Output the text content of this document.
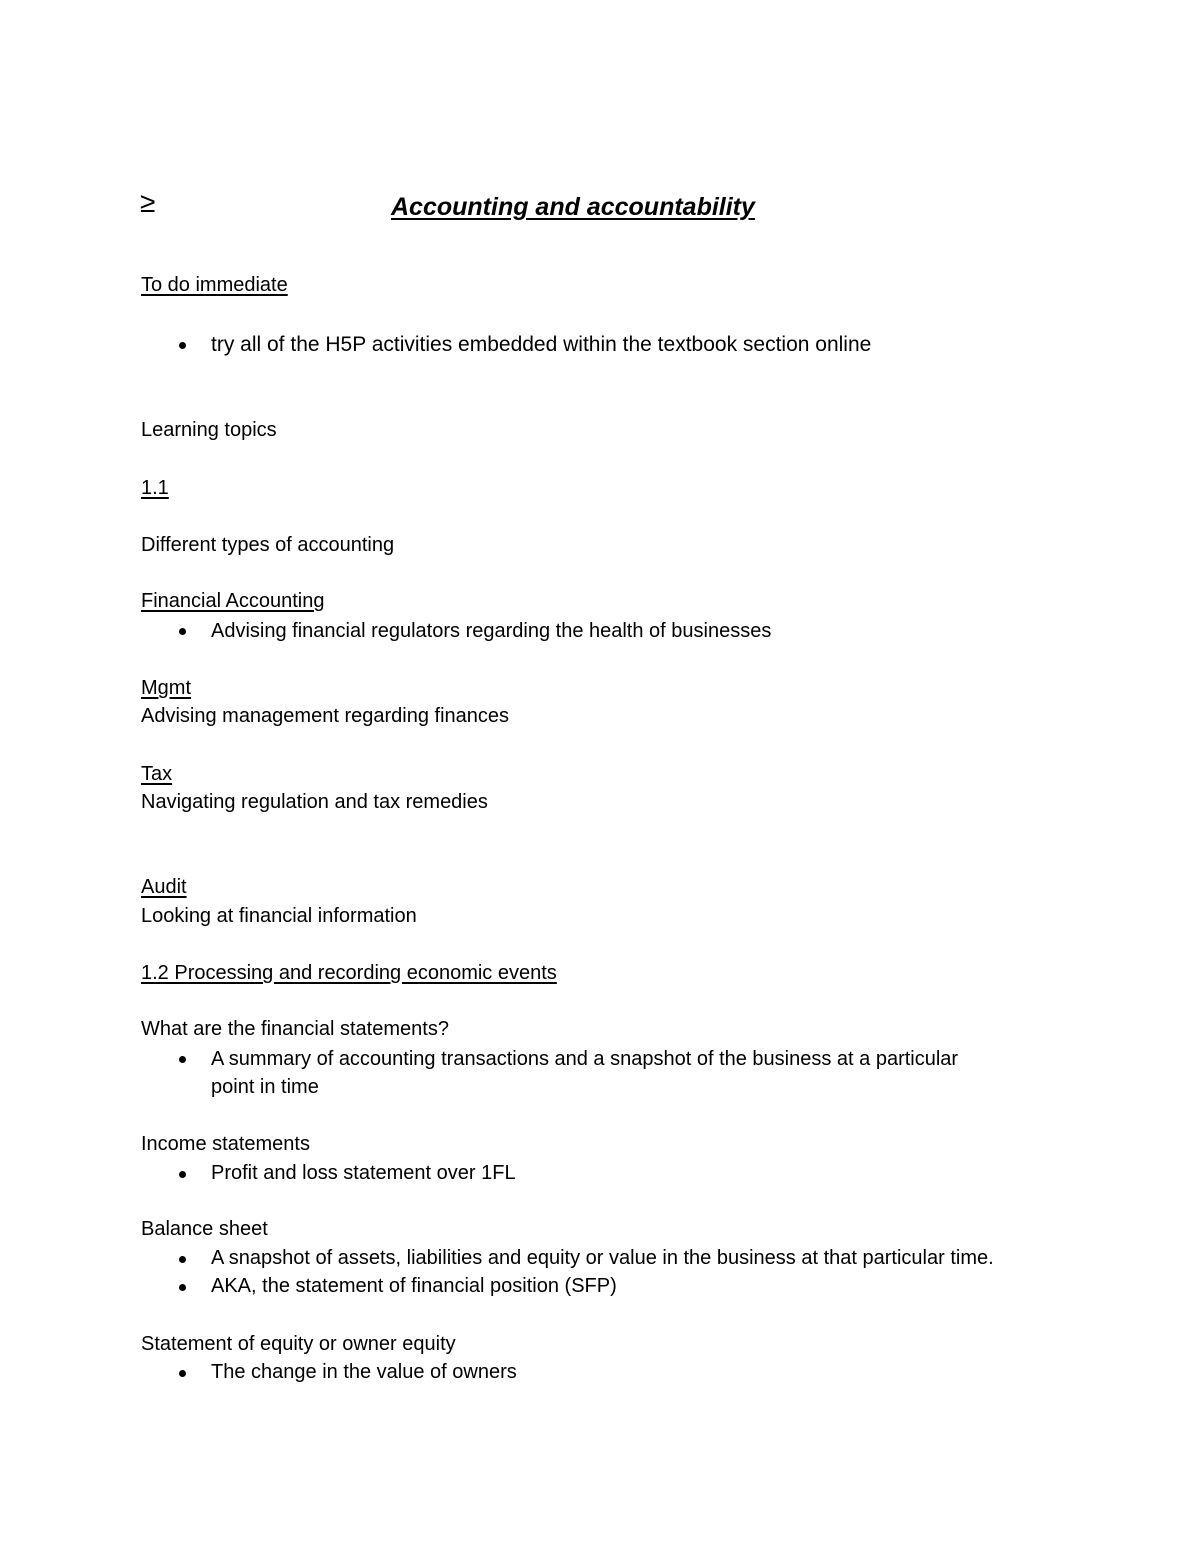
≥	Accounting and accountability
To do immediate
try all of the H5P activities embedded within the textbook section online
Learning topics
1.1
Different types of accounting
Financial Accounting
Advising financial regulators regarding the health of businesses
Mgmt
Advising management regarding finances
Tax
Navigating regulation and tax remedies
Audit
Looking at financial information
1.2 Processing and recording economic events
What are the financial statements?
A summary of accounting transactions and a snapshot of the business at a particular
point in time
Income statements
Profit and loss statement over 1FL
Balance sheet
A snapshot of assets, liabilities and equity or value in the business at that particular time.
AKA, the statement of financial position (SFP)
Statement of equity or owner equity
The change in the value of owners
